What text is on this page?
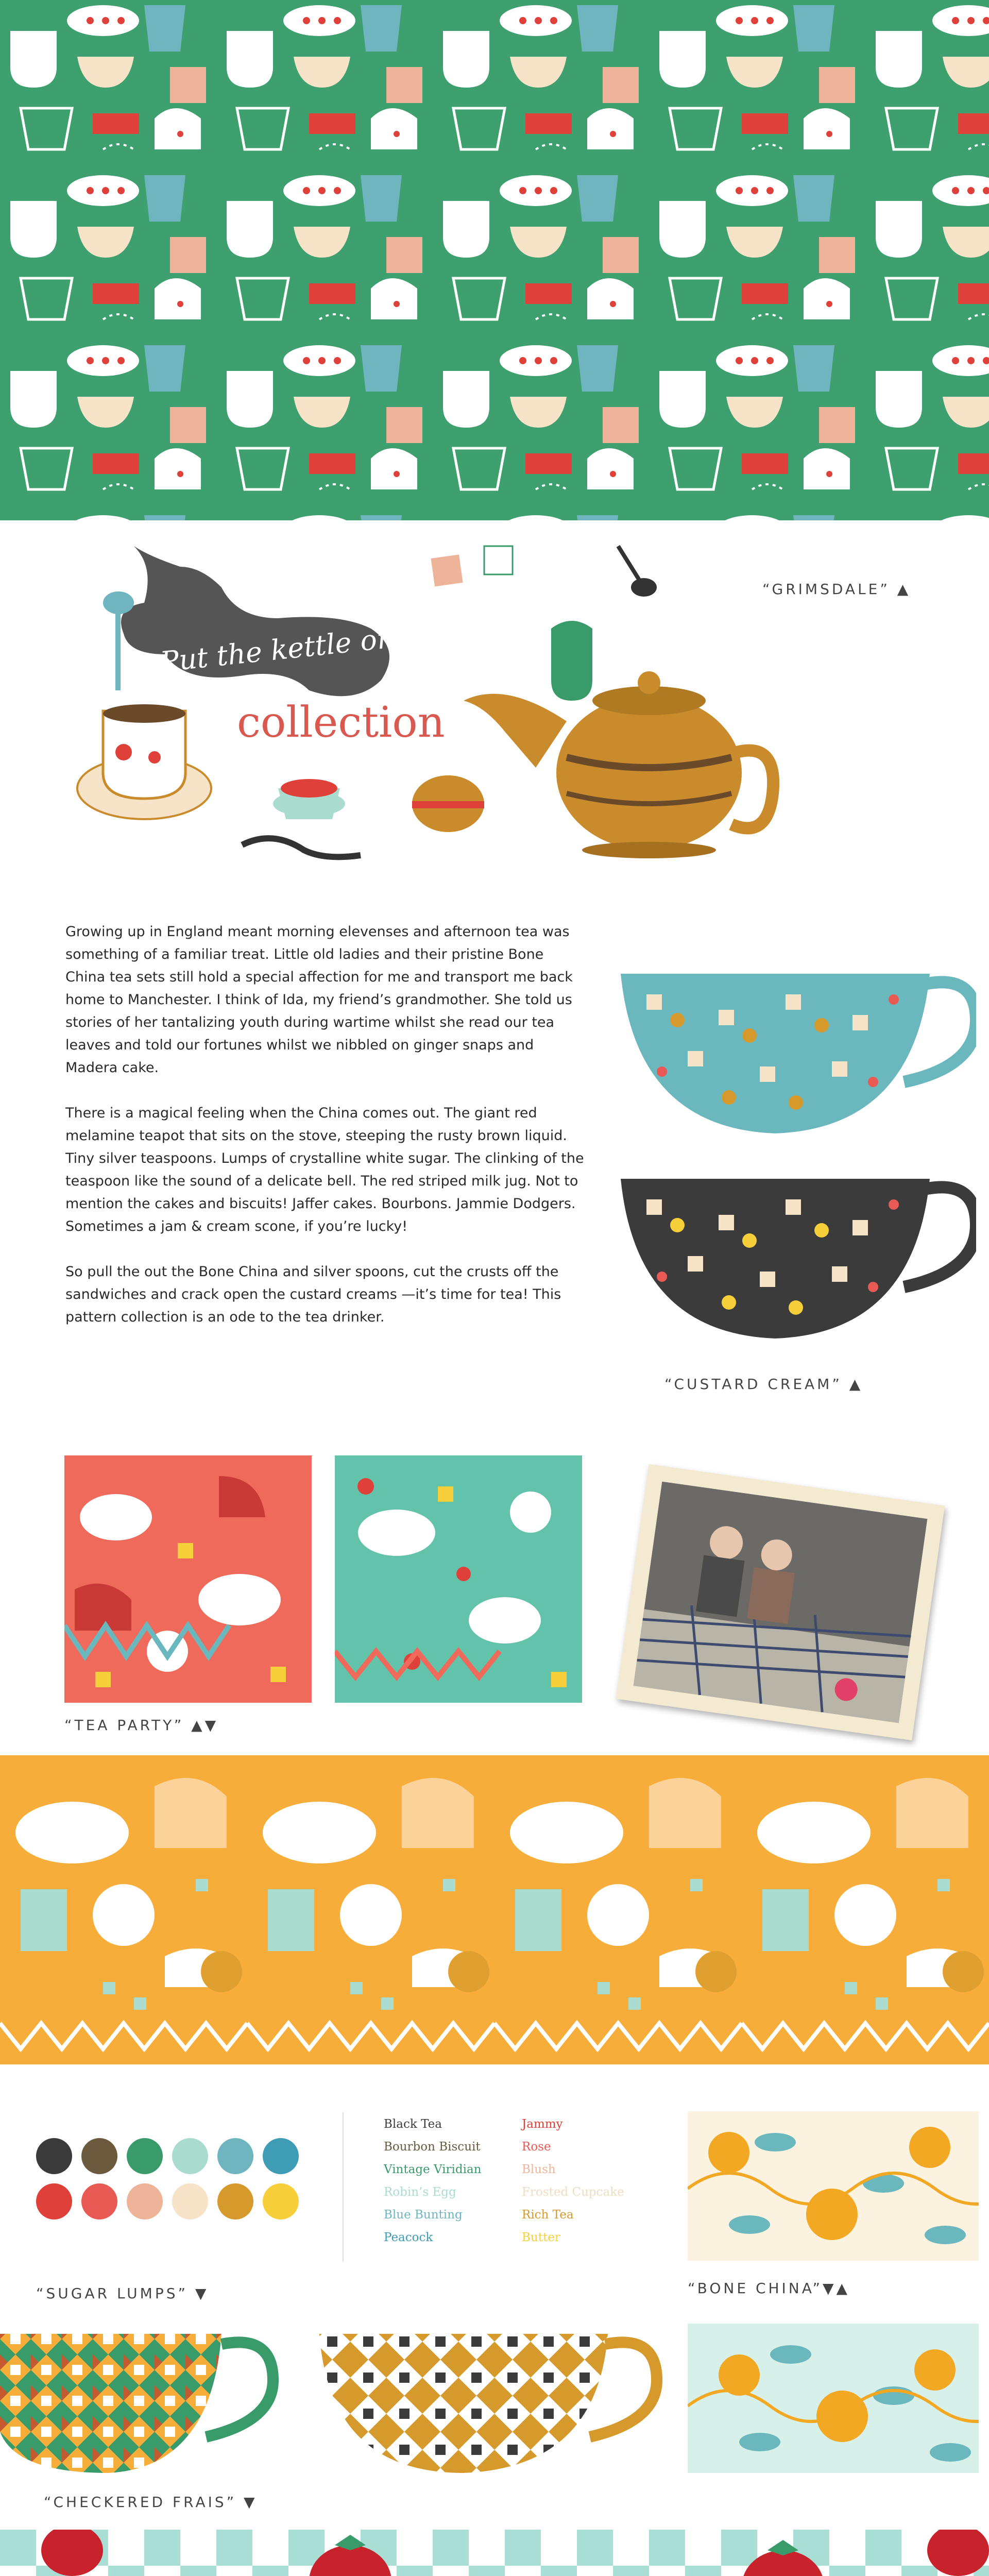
Put the kettle on
collection
“GRIMSDALE” ▲

Growing up in England meant morning elevenses and afternoon tea was something of a familiar treat. Little old ladies and their pristine Bone China tea sets still hold a special affection for me and transport me back home to Manchester. I think of Ida, my friend’s grandmother. She told us stories of her tantalizing youth during wartime whilst she read our tea leaves and told our fortunes whilst we nibbled on ginger snaps and Madera cake.

There is a magical feeling when the China comes out. The giant red melamine teapot that sits on the stove, steeping the rusty brown liquid. Tiny silver teaspoons. Lumps of crystalline white sugar. The clinking of the teaspoon like the sound of a delicate bell. The red striped milk jug. Not to mention the cakes and biscuits! Jaffer cakes. Bourbons. Jammie Dodgers. Sometimes a jam & cream scone, if you’re lucky!

So pull the out the Bone China and silver spoons, cut the crusts off the sandwiches and crack open the custard creams —it’s time for tea! This pattern collection is an ode to the tea drinker.

“CUSTARD CREAM” ▲
“TEA PARTY” ▲▼
Black Tea
Bourbon Biscuit
Vintage Viridian
Robin’s Egg
Blue Bunting
Peacock
Jammy
Rose
Blush
Frosted Cupcake
Rich Tea
Butter
“BONE CHINA”▼▲
“SUGAR LUMPS” ▼
“CHECKERED FRAIS” ▼
